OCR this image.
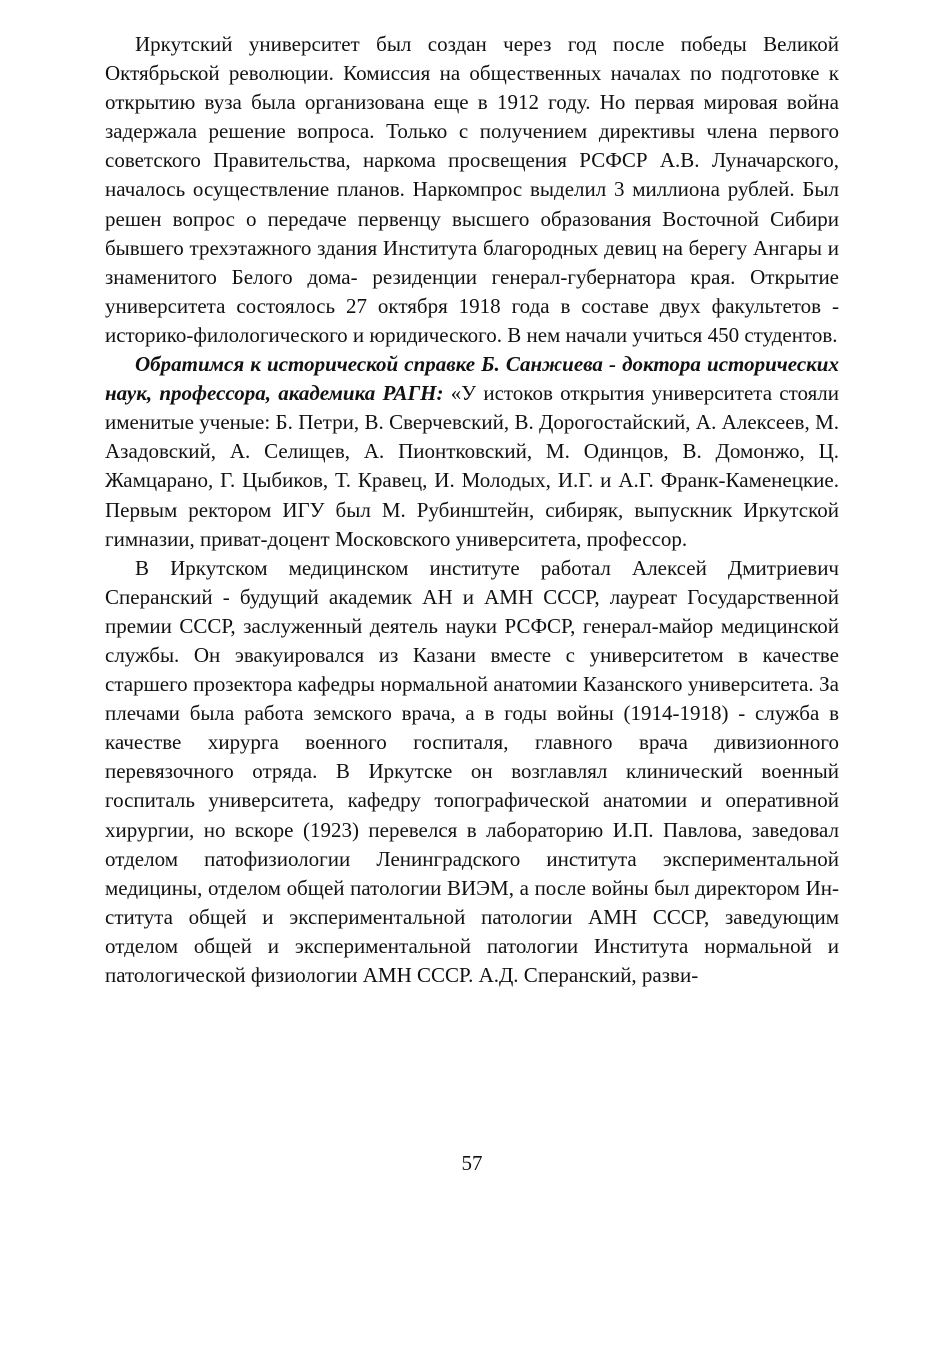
Иркутский университет был создан через год после победы Великой Октябрьской революции. Комиссия на общественных началах по подготовке к открытию вуза была организована еще в 1912 году. Но первая мировая война задержала решение вопроса. Только с получением директивы члена первого советского Правительства, наркома просвещения РСФСР А.В. Луначарского, началось осуществление планов. Наркомпрос выделил 3 миллиона рублей. Был решен вопрос о передаче первенцу высшего образования Восточной Сибири бывшего трехэтажного здания Института благородных девиц на берегу Ангары и знаменитого Белого дома- резиденции генерал-губернатора края. Открытие университета состоялось 27 октября 1918 года в составе двух факультетов - историко-филологического и юридического. В нем начали учиться 450 студентов.

Обратимся к исторической справке Б. Санжиева - доктора исторических наук, профессора, академика РАГН: «У истоков открытия университета стояли именитые ученые: Б. Петри, В. Сверчевский, В. Дорогостайский, А. Алексеев, М. Азадовский, А. Селищев, А. Пионтковский, М. Одинцов, В. Домонжо, Ц. Жамцарано, Г. Цыбиков, Т. Кравец, И. Молодых, И.Г. и А.Г. Франк-Каменецкие. Первым ректором ИГУ был М. Рубинштейн, сибиряк, выпускник Иркутской гимназии, приват-доцент Московского университета, профессор.

В Иркутском медицинском институте работал Алексей Дмитриевич Сперанский - будущий академик АН и АМН СССР, лауреат Государственной премии СССР, заслуженный деятель науки РСФСР, генерал-майор медицинской службы. Он эвакуировался из Казани вместе с университетом в качестве старшего прозектора кафедры нормальной анатомии Казанского университета. За плечами была работа земского врача, а в годы войны (1914-1918) - служба в качестве хирурга военного госпиталя, главного врача дивизионного перевязочного отряда. В Иркутске он возглавлял клинический военный госпиталь университета, кафедру топографической анатомии и оперативной хирургии, но вскоре (1923) перевелся в лабораторию И.П. Павлова, заведовал отделом патофизиологии Ленинградского института экспериментальной медицины, отделом общей патологии ВИЭМ, а после войны был директором Института общей и экспериментальной патологии АМН СССР, заведующим отделом общей и экспериментальной патологии Института нормальной и патологической физиологии АМН СССР. А.Д. Сперанский, разви-

57
